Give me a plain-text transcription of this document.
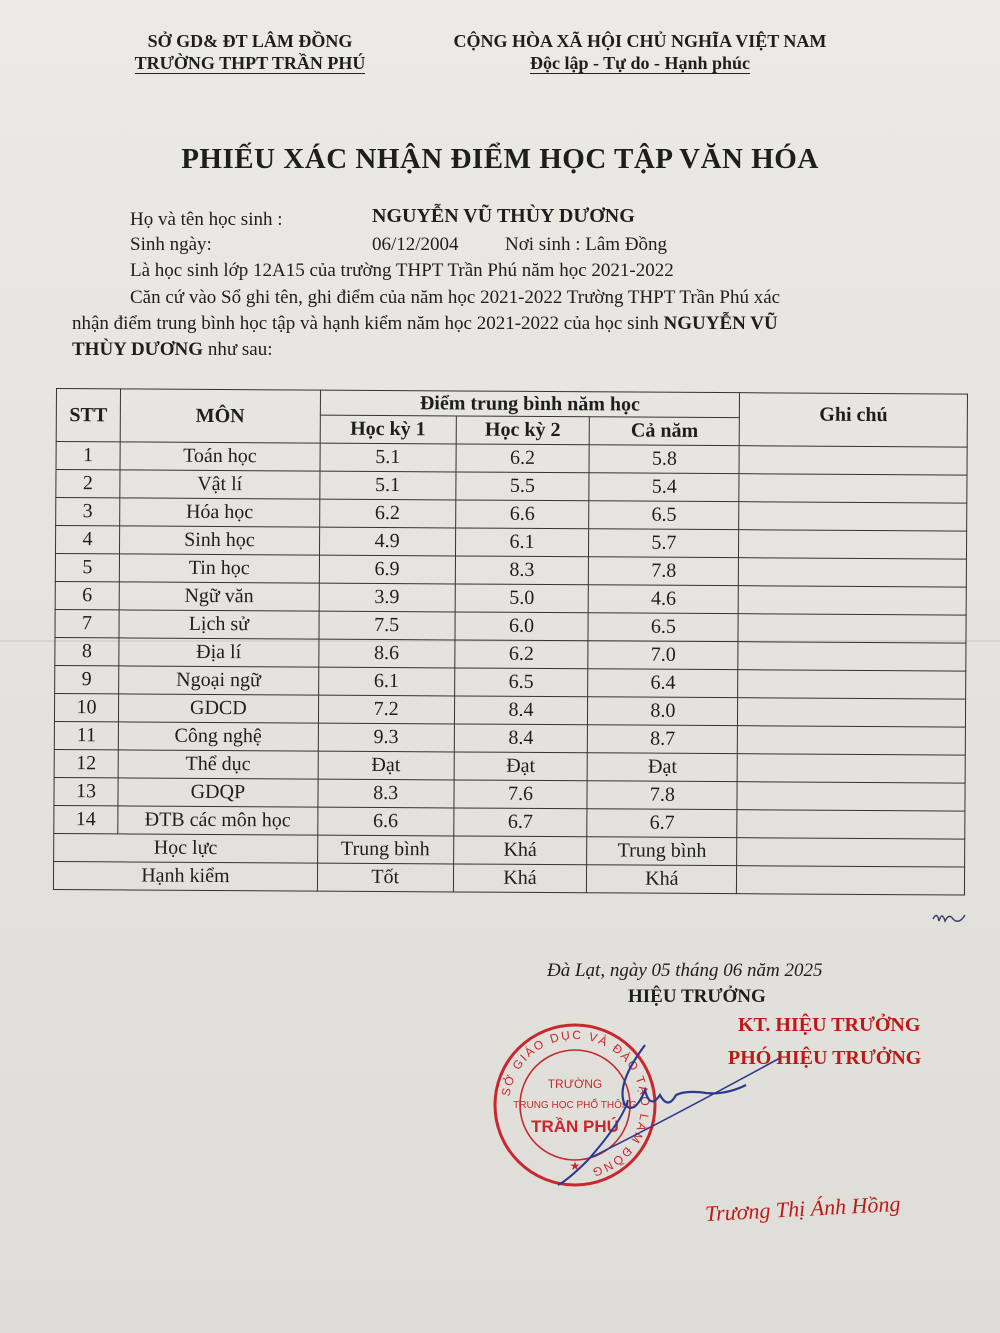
SỞ GD& ĐT LÂM ĐỒNG
TRƯỜNG THPT TRẦN PHÚ
CỘNG HÒA XÃ HỘI CHỦ NGHĨA VIỆT NAM
Độc lập - Tự do - Hạnh phúc
PHIẾU XÁC NHẬN ĐIỂM HỌC TẬP VĂN HÓA
Họ và tên học sinh :	NGUYỄN VŨ THÙY DƯƠNG
Sinh ngày:	06/12/2004 Nơi sinh : Lâm Đồng
Là học sinh lớp 12A15 của trường THPT Trần Phú năm học 2021-2022
Căn cứ vào Sổ ghi tên, ghi điểm của năm học 2021-2022 Trường THPT Trần Phú xác
nhận điểm trung bình học tập và hạnh kiểm năm học 2021-2022 của học sinh NGUYỄN VŨ
THÙY DƯƠNG như sau:
STT	MÔN	Điểm trung bình năm học			Ghi chú
		Học kỳ 1	Học kỳ 2	Cả năm	
1	Toán học	5.1	6.2	5.8	
2	Vật lí	5.1	5.5	5.4	
3	Hóa học	6.2	6.6	6.5	
4	Sinh học	4.9	6.1	5.7	
5	Tin học	6.9	8.3	7.8	
6	Ngữ văn	3.9	5.0	4.6	
7	Lịch sử	7.5	6.0	6.5	
8	Địa lí	8.6	6.2	7.0	
9	Ngoại ngữ	6.1	6.5	6.4	
10	GDCD	7.2	8.4	8.0	
11	Công nghệ	9.3	8.4	8.7	
12	Thể dục	Đạt	Đạt	Đạt	
13	GDQP	8.3	7.6	7.8	
14	ĐTB các môn học	6.6	6.7	6.7	
Học lực		Trung bình	Khá	Trung bình	
Hạnh kiểm		Tốt	Khá	Khá	
Đà Lạt, ngày 05 tháng 06 năm 2025
HIỆU TRƯỞNG
KT. HIỆU TRƯỞNG
PHÓ HIỆU TRƯỞNG
SỞ GIÁO DỤC VÀ ĐÀO TẠO LÂM ĐỒNG
TRƯỜNG
TRUNG HỌC PHỔ THÔNG
TRẦN PHÚ
★
Trương Thị Ánh Hồng
